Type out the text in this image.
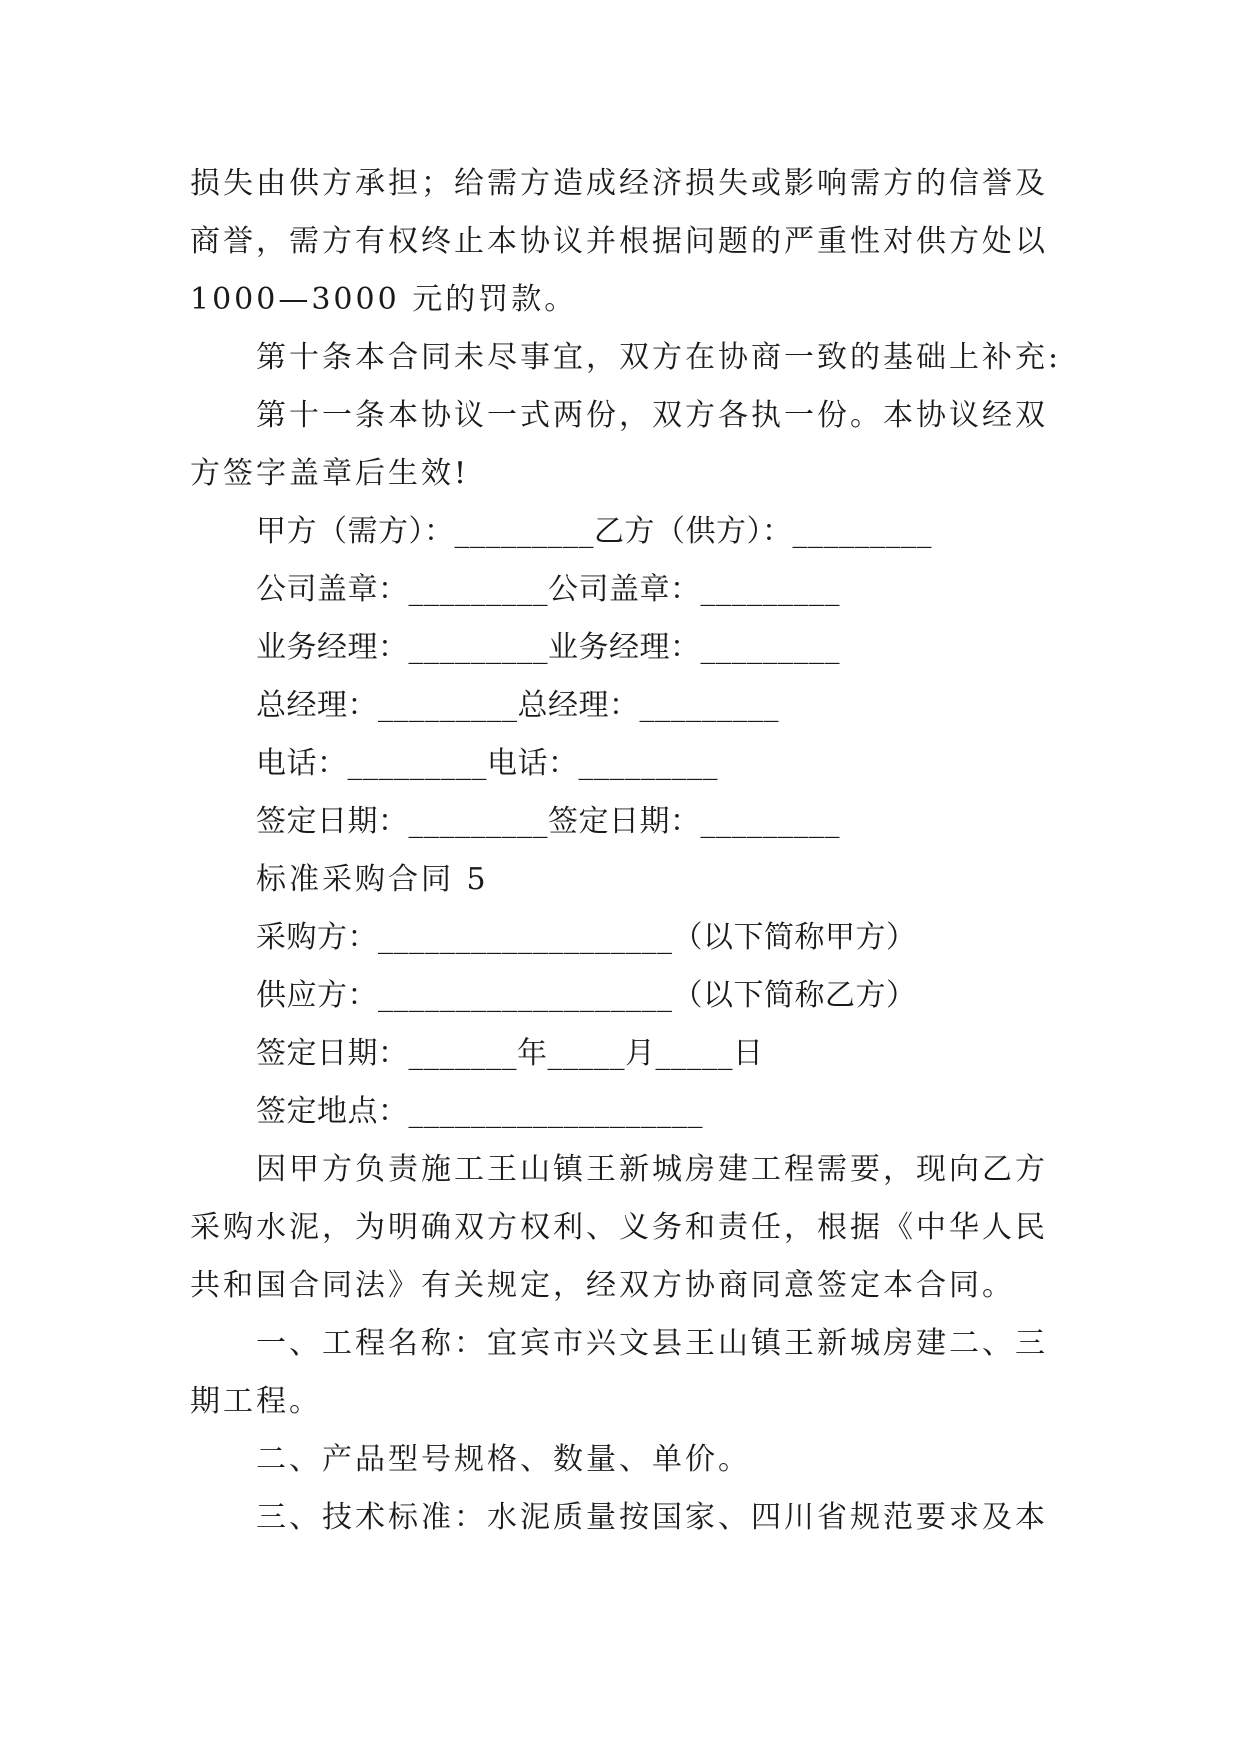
损失由供方承担；给需方造成经济损失或影响需方的信誉及
商誉，需方有权终止本协议并根据问题的严重性对供方处以
1000—3000 元的罚款。
第十条本合同未尽事宜，双方在协商一致的基础上补充:
第十一条本协议一式两份，双方各执一份。本协议经双
方签字盖章后生效!
甲方（需方）：_________乙方（供方）：_________
公司盖章：_________公司盖章：_________
业务经理：_________业务经理：_________
总经理：_________总经理：_________
电话：_________电话：_________
签定日期：_________签定日期：_________
标准采购合同 5
采购方：___________________（以下简称甲方）
供应方：___________________（以下简称乙方）
签定日期：_______年_____月_____日
签定地点：___________________
因甲方负责施工王山镇王新城房建工程需要，现向乙方
采购水泥，为明确双方权利、义务和责任，根据《中华人民
共和国合同法》有关规定，经双方协商同意签定本合同。
一、工程名称：宜宾市兴文县王山镇王新城房建二、三
期工程。
二、产品型号规格、数量、单价。
三、技术标准：水泥质量按国家、四川省规范要求及本
